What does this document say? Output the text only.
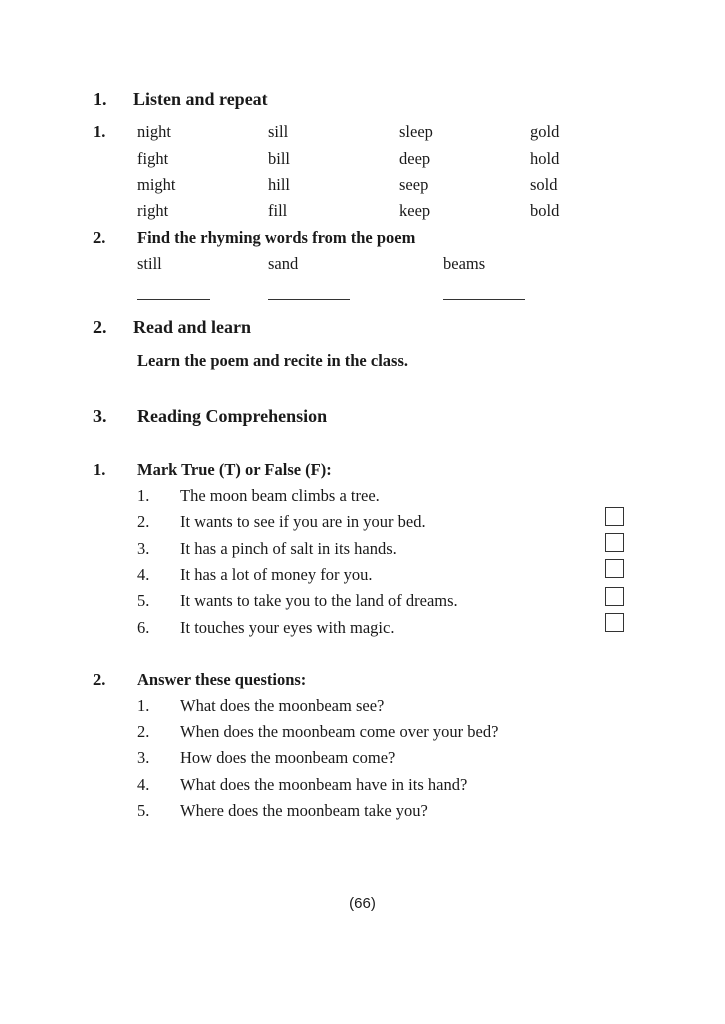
1. Listen and repeat
1. night
fight
might
right
sill
bill
hill
fill
sleep
deep
seep
keep
gold
hold
sold
bold
2. Find the rhyming words from the poem
still	sand	beams
2. Read and learn
Learn the poem and recite in the class.
3. Reading Comprehension
1. Mark True (T) or False (F):
1. The moon beam climbs a tree.
2. It wants to see if you are in your bed.
3. It has a pinch of salt in its hands.
4. It has a lot of money for you.
5. It wants to take you to the land of dreams.
6. It touches your eyes with magic.
2. Answer these questions:
1. What does the moonbeam see?
2. When does the moonbeam come over your bed?
3. How does the moonbeam come?
4. What does the moonbeam have in its hand?
5. Where does the moonbeam take you?
(66)
